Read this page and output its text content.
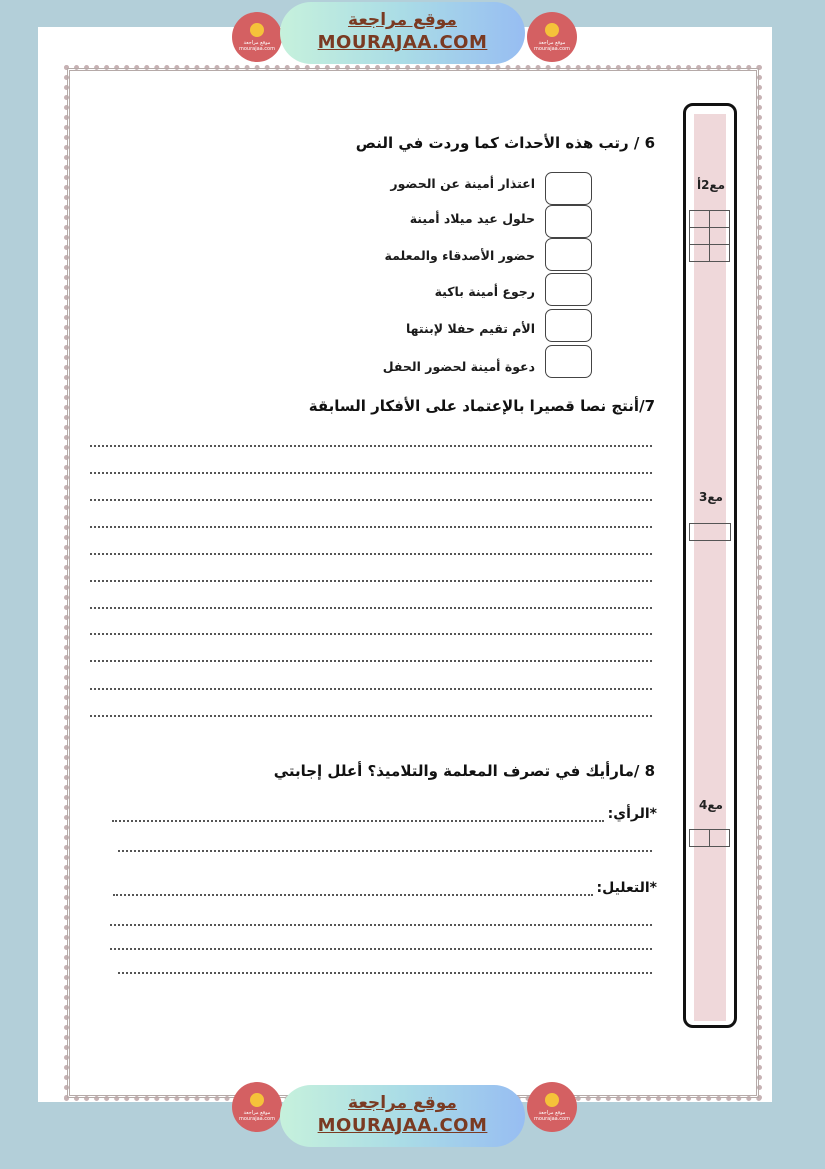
موقع مراجعة
mourajaa.com
موقع مراجعة
MOURAJAA.COM	موقع مراجعة
mourajaa.com
6 / رتب هذه الأحداث كما وردت في النص
اعتذار أمينة عن الحضور
حلول عيد ميلاد أمينة
حضور الأصدقاء والمعلمة
رجوع أمينة باكية
الأم تقيم حفلا لإبنتها
دعوة أمينة لحضور الحفل
7/أنتج نصا قصيرا بالإعتماد على الأفكار السابقة
8 /مارأيك في تصرف المعلمة والتلاميذ؟ أعلل إجابتي
*الرأي:
*التعليل:
مع2أ

مع3
مع4

موقع مراجعة
mourajaa.com
موقع مراجعة
MOURAJAA.COM
موقع مراجعة
mourajaa.com
